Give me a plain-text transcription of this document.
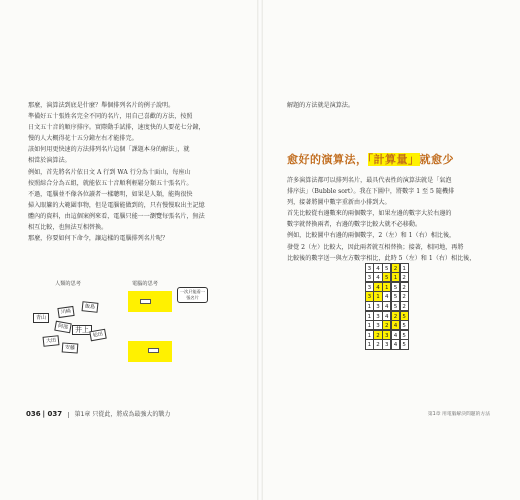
那麼，演算法到底是什麼？舉個排列名片的例子說明。
準備好五十張姓名完全不同的名片，用自己喜歡的方法，按照
日文五十音的順序排序。實際動手試排，速度快的人要花七分鐘，
慢的人大概得花十五分鐘左右才能排完。
該如何用更快速的方法排列名片這個「課題本身的解法」，就
相當於演算法。
例如，首先將名片依日文 A 行到 WA 行分為十面山，每座山
按照綜合分為五組，就能依五十音順利輕鬆分類五十張名片。
不過，電腦並不像各位讀者一樣聰明，如果是人類，能夠很快
掃入眼簾的大範圍事物，但是電腦能做到的，只有慢慢取出主記憶
體內的資料，由這個案例來看，電腦只能一一瀏覽每張名片，無法
相互比較，也無法互相替換。
那麼，你要如何下命令，讓這樣的電腦排列名片呢？
人類的思考	電腦的思考
青山
川崎
飯島
阿部 井上
大田
松田
安藤
一次只能看一張名片
036 | 037 第1章 只從此，將成為最強大的戰力
解題的方法就是演算法。
愈好的演算法，「計算量」就愈少
許多演算法都可以排列名片，最具代表性的演算法就是「氣泡
排序法」（Bubble sort）。我在下圖中，將數字 1 至 5 隨機排
列，接著將圖中數字重新由小排到大。
首先比較從右邊數來的兩個數字，如果左邊的數字大於右邊的
數字就替換兩者，右邊的數字比較大就不必移動。
例如，比較圖中右邊的兩個數字，2（左）和 1（右）相比後，
發覺 2（左）比較大，因此兩者就互相替換；接著，相同地，再將
比較後的數字送一與左方數字相比，此時 5（左）和 1（右）相比後，
3 4 5 2 1
3 4 5 1 2
3 4 1 5 2
3 1 4 5 2
1 3 4 5 2
1 3 4 2 5
1 3 2 4 5
1 2 3 4 5
1 2 3 4 5
第1章 用電腦解決問題的方法
